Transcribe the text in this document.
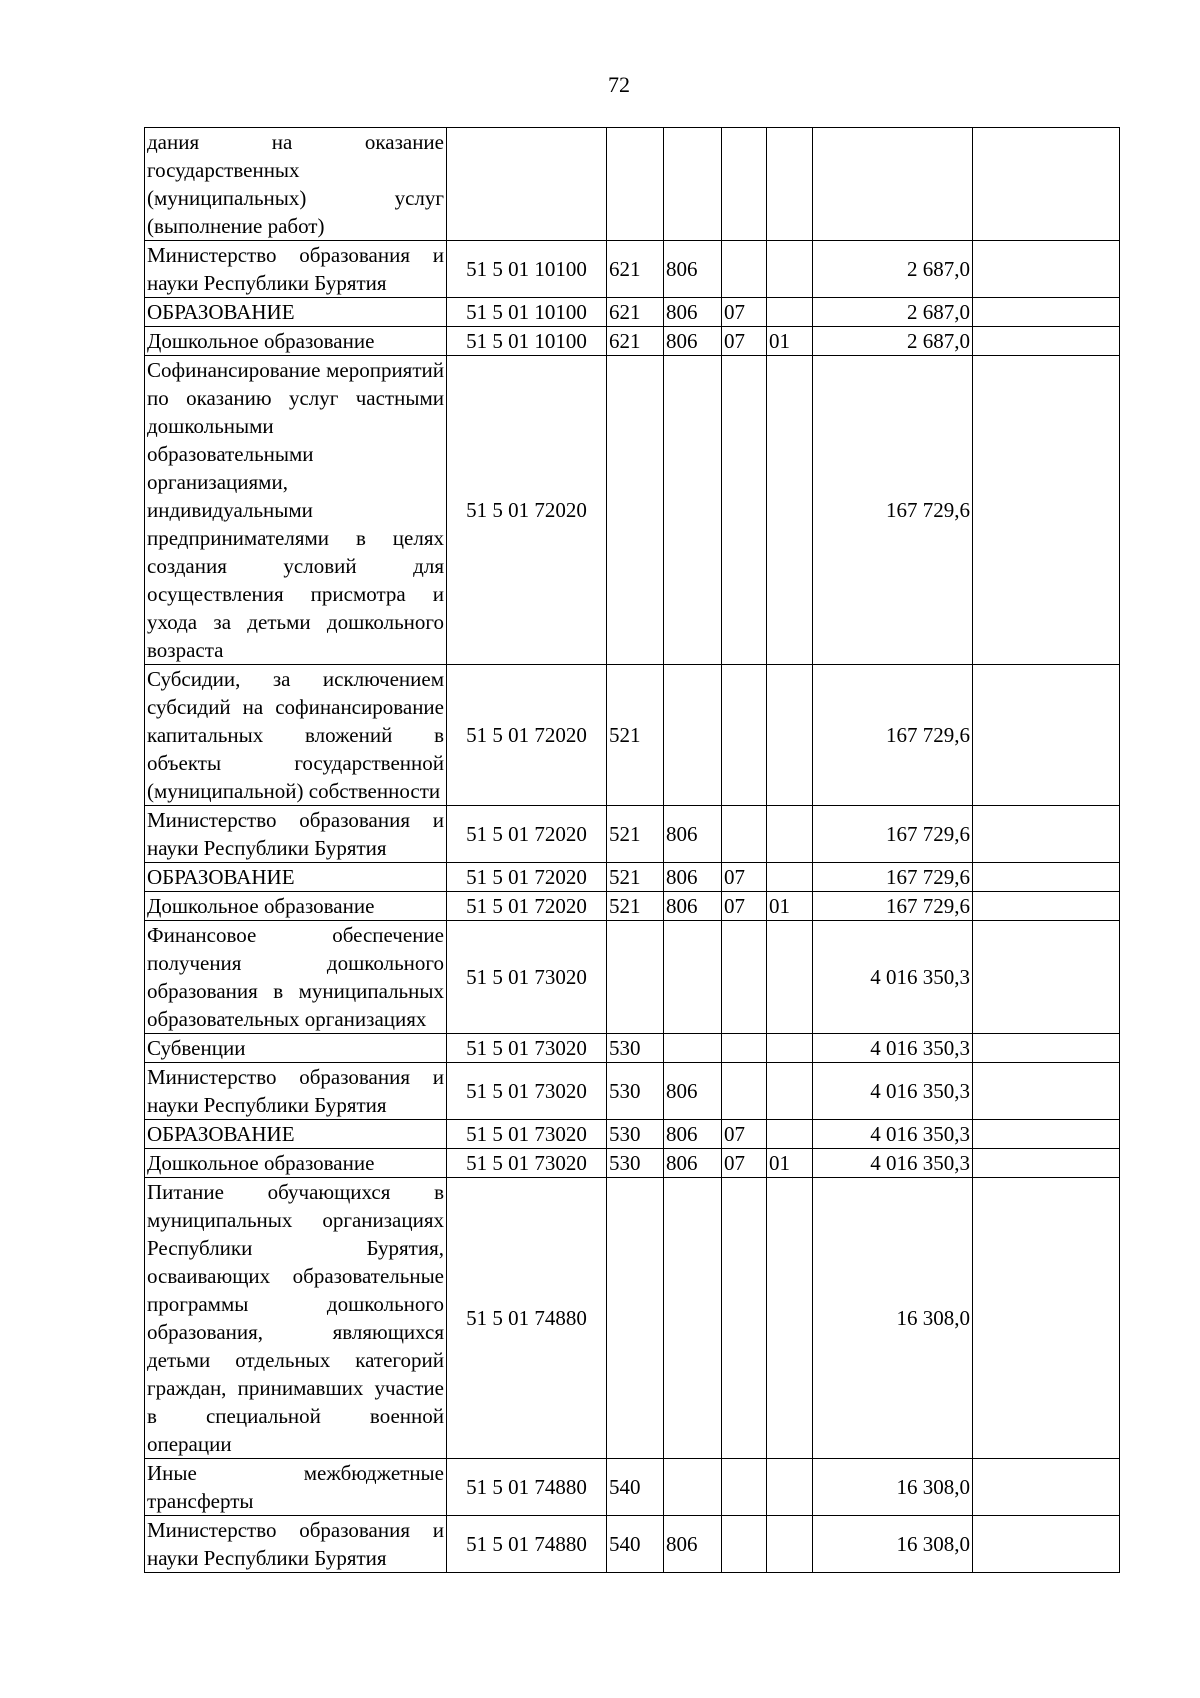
72
дания на оказание государственных (муниципальных) услуг (выполнение работ)							
Министерство образования и науки Республики Бурятия	51 5 01 10100	621	806			2 687,0	
ОБРАЗОВАНИЕ	51 5 01 10100	621	806	07		2 687,0	
Дошкольное образование	51 5 01 10100	621	806	07	01	2 687,0	
Софинансирование мероприятий по оказанию услуг частными дошкольными образовательными организациями, индивидуальными предпринимателями в целях создания условий для осуществления присмотра и ухода за детьми дошкольного возраста	51 5 01 72020					167 729,6	
Субсидии, за исключением субсидий на софинансирование капитальных вложений в объекты государственной (муниципальной) собственности	51 5 01 72020	521				167 729,6	
Министерство образования и науки Республики Бурятия	51 5 01 72020	521	806			167 729,6	
ОБРАЗОВАНИЕ	51 5 01 72020	521	806	07		167 729,6	
Дошкольное образование	51 5 01 72020	521	806	07	01	167 729,6	
Финансовое обеспечение получения дошкольного образования в муниципальных образовательных организациях	51 5 01 73020					4 016 350,3	
Субвенции	51 5 01 73020	530				4 016 350,3	
Министерство образования и науки Республики Бурятия	51 5 01 73020	530	806			4 016 350,3	
ОБРАЗОВАНИЕ	51 5 01 73020	530	806	07		4 016 350,3	
Дошкольное образование	51 5 01 73020	530	806	07	01	4 016 350,3	
Питание обучающихся в муниципальных организациях Республики Бурятия, осваивающих образовательные программы дошкольного образования, являющихся детьми отдельных категорий граждан, принимавших участие в специальной военной операции	51 5 01 74880					16 308,0	
Иные межбюджетные трансферты	51 5 01 74880	540				16 308,0	
Министерство образования и науки Республики Бурятия	51 5 01 74880	540	806			16 308,0	
